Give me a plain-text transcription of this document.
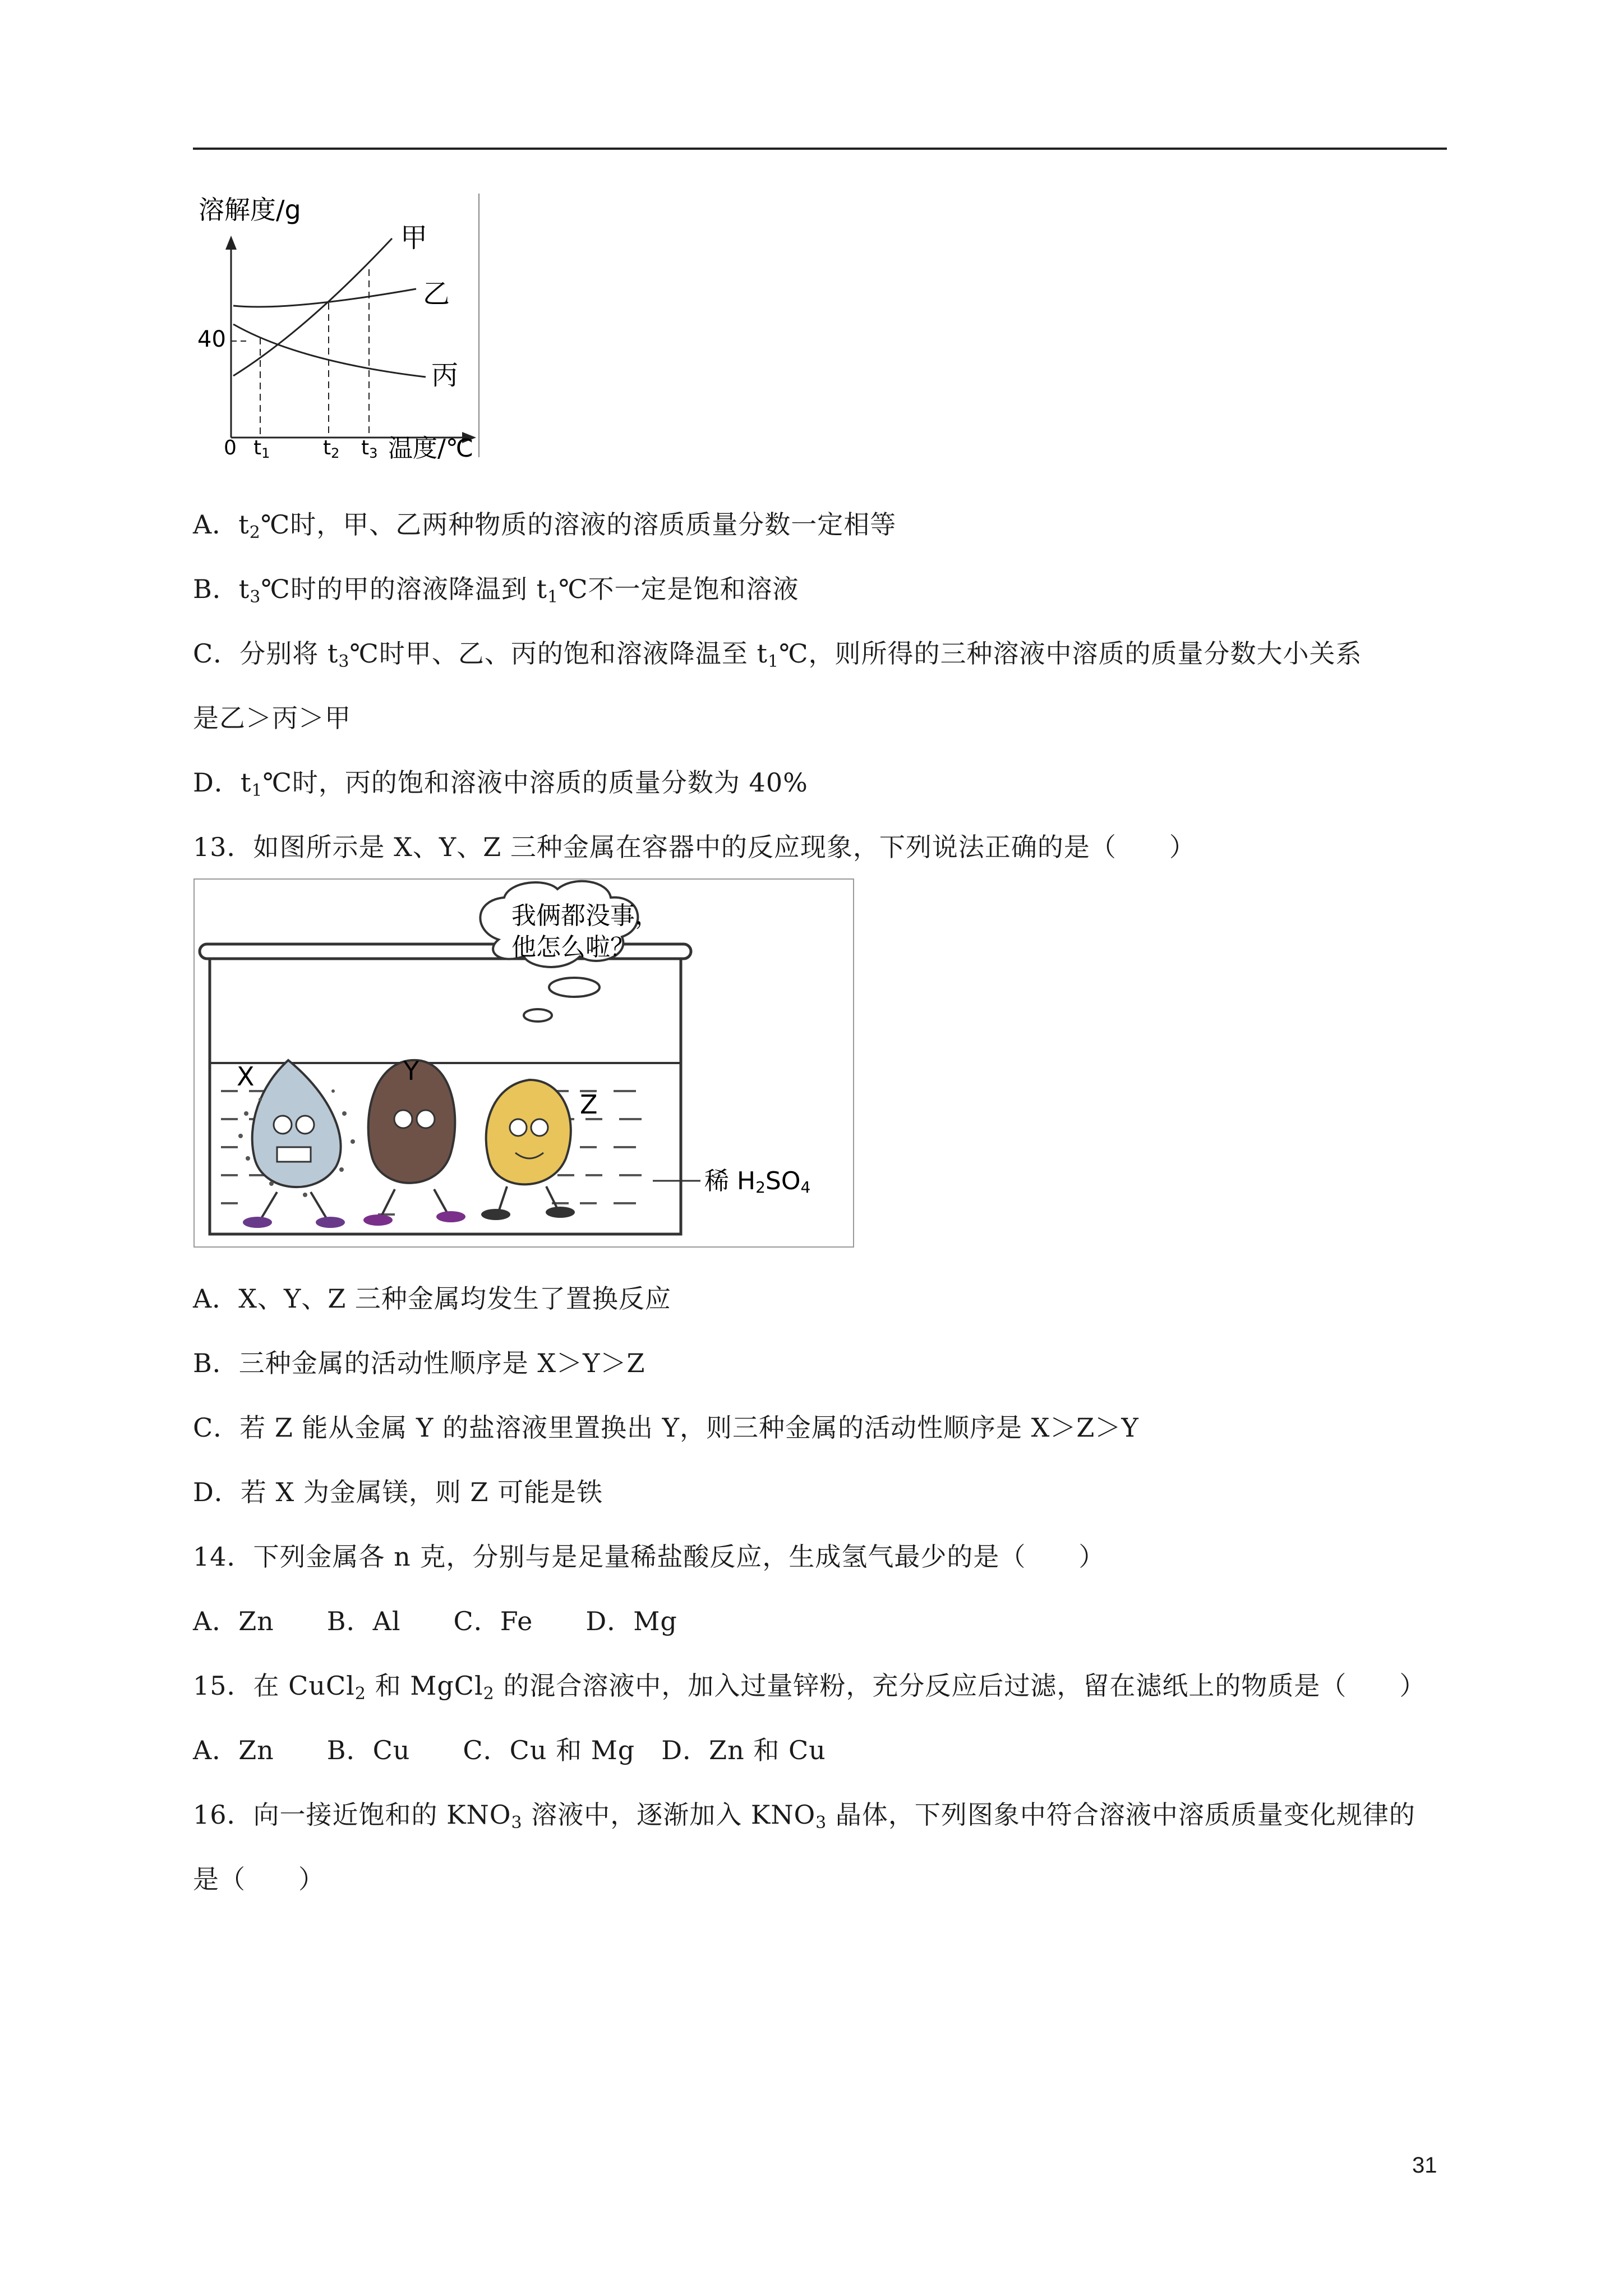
溶解度/g
40
0
甲
乙
丙
t1	t2 t3 温度/℃
A．$t_2℃$时，甲、乙两种物质的溶液的溶质质量分数一定相等
B．$t_3℃$时的甲的溶液降温到 $t_1℃$不一定是饱和溶液
C．分别将 $t_3℃$时甲、乙、丙的饱和溶液降温至 $t_1℃$，则所得的三种溶液中溶质的质量分数大小关系
是乙＞丙＞甲
D．$t_1℃$时，丙的饱和溶液中溶质的质量分数为 40%
13．如图所示是 X、Y、Z 三种金属在容器中的反应现象，下列说法正确的是（　　）
我俩都没事，
他怎么啦？
X	Y
Z
稀 H2SO4
A．X、Y、Z 三种金属均发生了置换反应
B．三种金属的活动性顺序是 X＞Y＞Z
C．若 Z 能从金属 Y 的盐溶液里置换出 Y，则三种金属的活动性顺序是 X＞Z＞Y
D．若 X 为金属镁，则 Z 可能是铁
14．下列金属各 n 克，分别与是足量稀盐酸反应，生成氢气最少的是（　　）
A．Zn　　B．Al　　C．Fe　　D．Mg
15．在 CuCl$_2$ 和 MgCl$_2$ 的混合溶液中，加入过量锌粉，充分反应后过滤，留在滤纸上的物质是（　　）
A．Zn　　B．Cu　　C．Cu 和 Mg　D．Zn 和 Cu
16．向一接近饱和的 $KNO_3$ 溶液中，逐渐加入 $KNO_3$ 晶体，下列图象中符合溶液中溶质质量变化规律的
是（　　）
31
